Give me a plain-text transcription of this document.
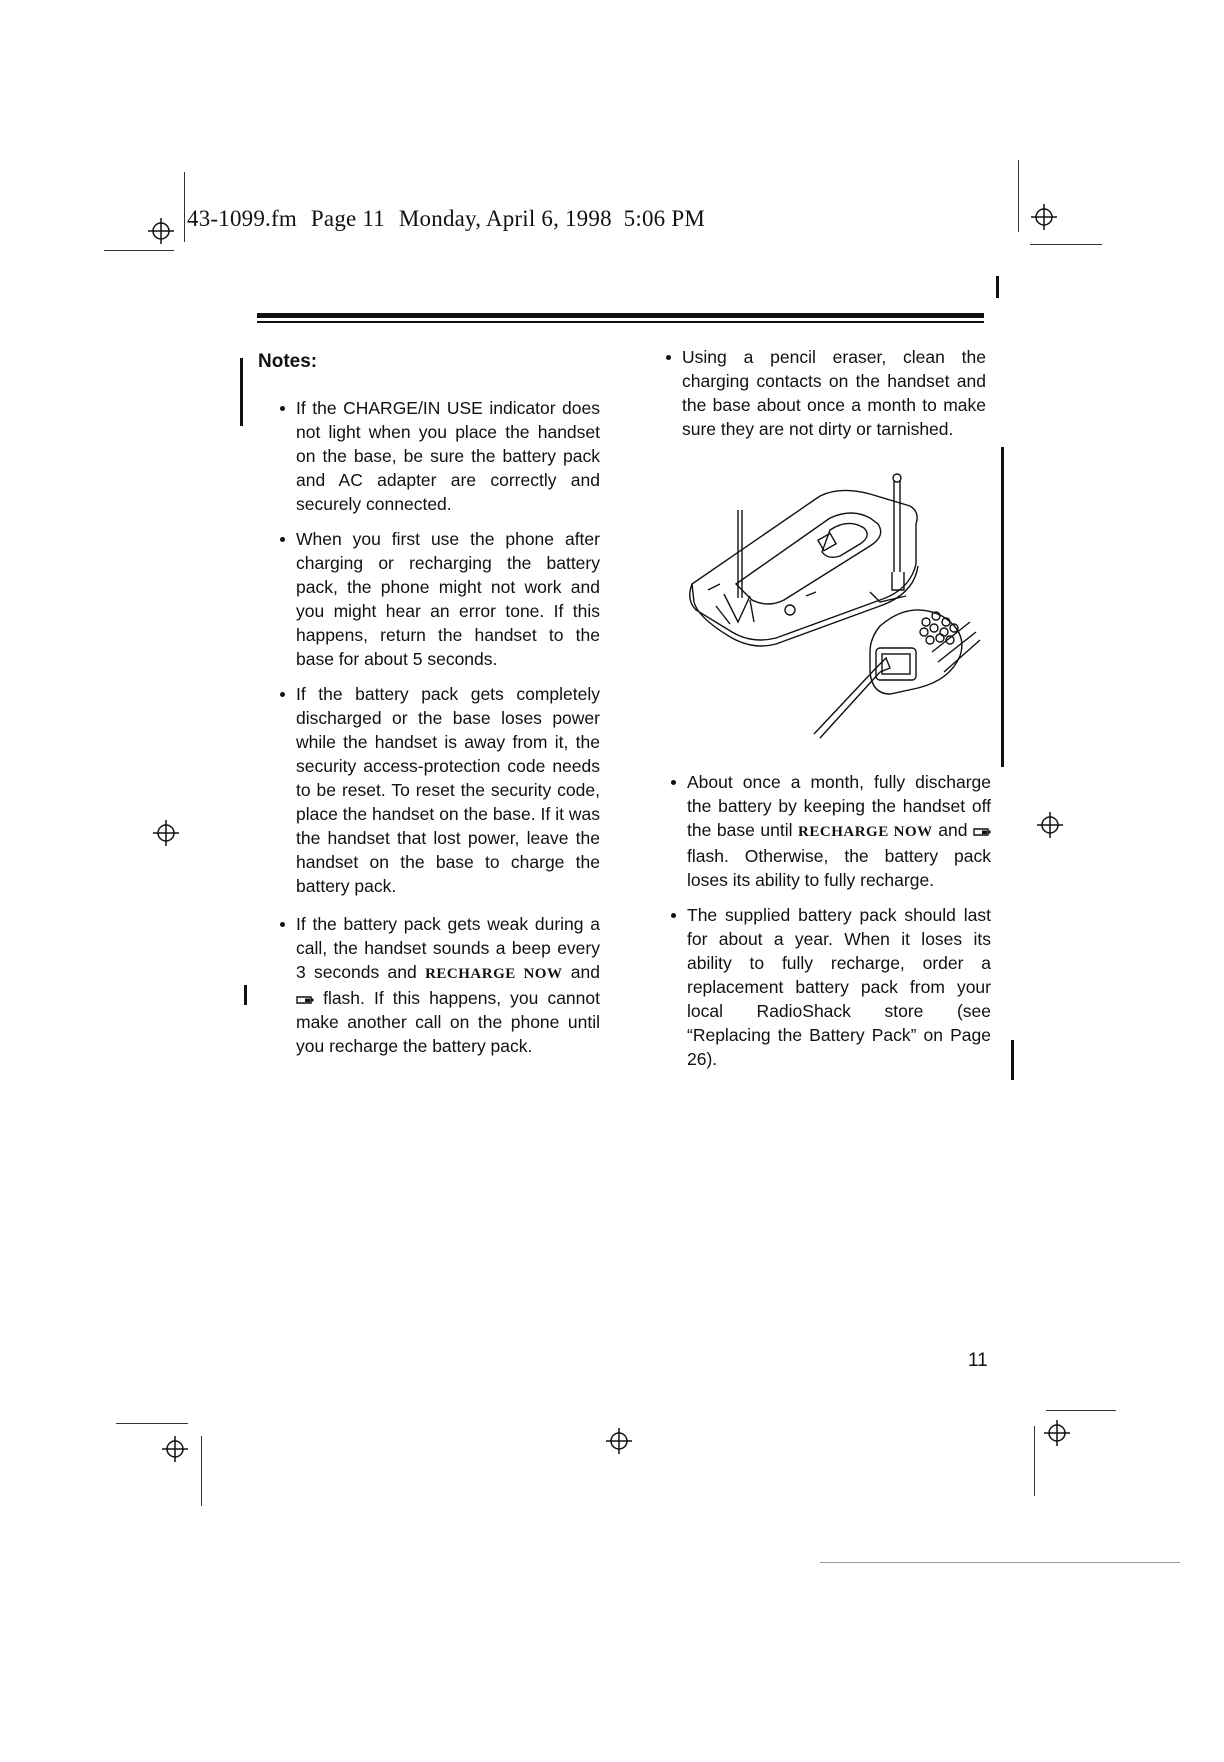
43-1099.fm Page 11 Monday, April 6, 1998  5:06 PM
Notes:

If the CHARGE/IN USE indicator does not light when you place the handset on the base, be sure the battery pack and AC adapter are correctly and securely connected.

When you first use the phone after charging or recharging the battery pack, the phone might not work and you might hear an error tone. If this happens, return the handset to the base for about 5 seconds.

If the battery pack gets completely discharged or the base loses power while the handset is away from it, the security access-protection code needs to be reset. To reset the security code, place the handset on the base. If it was the handset that lost power, leave the handset on the base to charge the battery pack.

If the battery pack gets weak during a call, the handset sounds a beep every 3 seconds and RECHARGE NOW and  flash. If this happens, you cannot make another call on the phone until you recharge the battery pack.

Using a pencil eraser, clean the charging contacts on the handset and the base about once a month to make sure they are not dirty or tarnished.

About once a month, fully discharge the battery by keeping the handset off the base until RECHARGE NOW and  flash. Otherwise, the battery pack loses its ability to fully recharge.

The supplied battery pack should last for about a year. When it loses its ability to fully recharge, order a replacement battery pack from your local RadioShack store (see “Replacing the Battery Pack” on Page 26).

11
